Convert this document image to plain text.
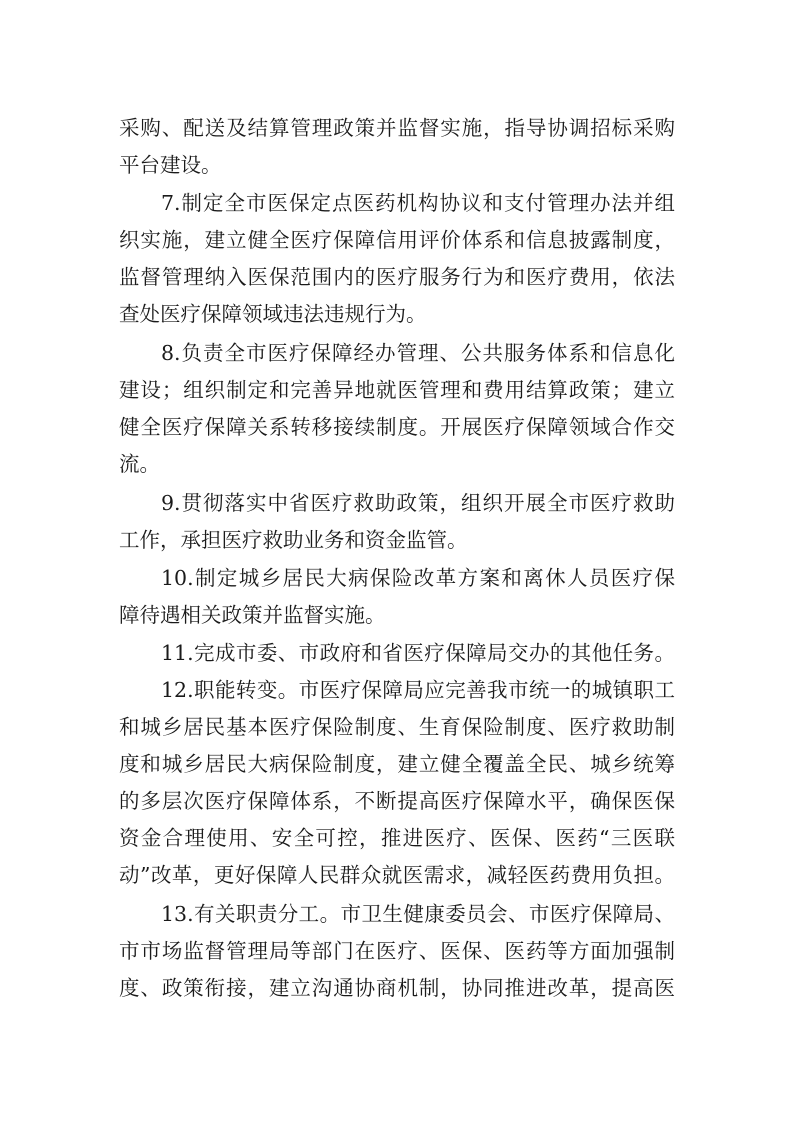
采购、配送及结算管理政策并监督实施，指导协调招标采购
平台建设。
7.制定全市医保定点医药机构协议和支付管理办法并组
织实施，建立健全医疗保障信用评价体系和信息披露制度，
监督管理纳入医保范围内的医疗服务行为和医疗费用，依法
查处医疗保障领域违法违规行为。
8.负责全市医疗保障经办管理、公共服务体系和信息化
建设；组织制定和完善异地就医管理和费用结算政策；建立
健全医疗保障关系转移接续制度。开展医疗保障领域合作交
流。
9.贯彻落实中省医疗救助政策，组织开展全市医疗救助
工作，承担医疗救助业务和资金监管。
10.制定城乡居民大病保险改革方案和离休人员医疗保
障待遇相关政策并监督实施。
11.完成市委、市政府和省医疗保障局交办的其他任务。
12.职能转变。市医疗保障局应完善我市统一的城镇职工
和城乡居民基本医疗保险制度、生育保险制度、医疗救助制
度和城乡居民大病保险制度，建立健全覆盖全民、城乡统筹
的多层次医疗保障体系，不断提高医疗保障水平，确保医保
资金合理使用、安全可控，推进医疗、医保、医药“三医联
动”改革，更好保障人民群众就医需求，减轻医药费用负担。
13.有关职责分工。市卫生健康委员会、市医疗保障局、
市市场监督管理局等部门在医疗、医保、医药等方面加强制
度、政策衔接，建立沟通协商机制，协同推进改革，提高医
